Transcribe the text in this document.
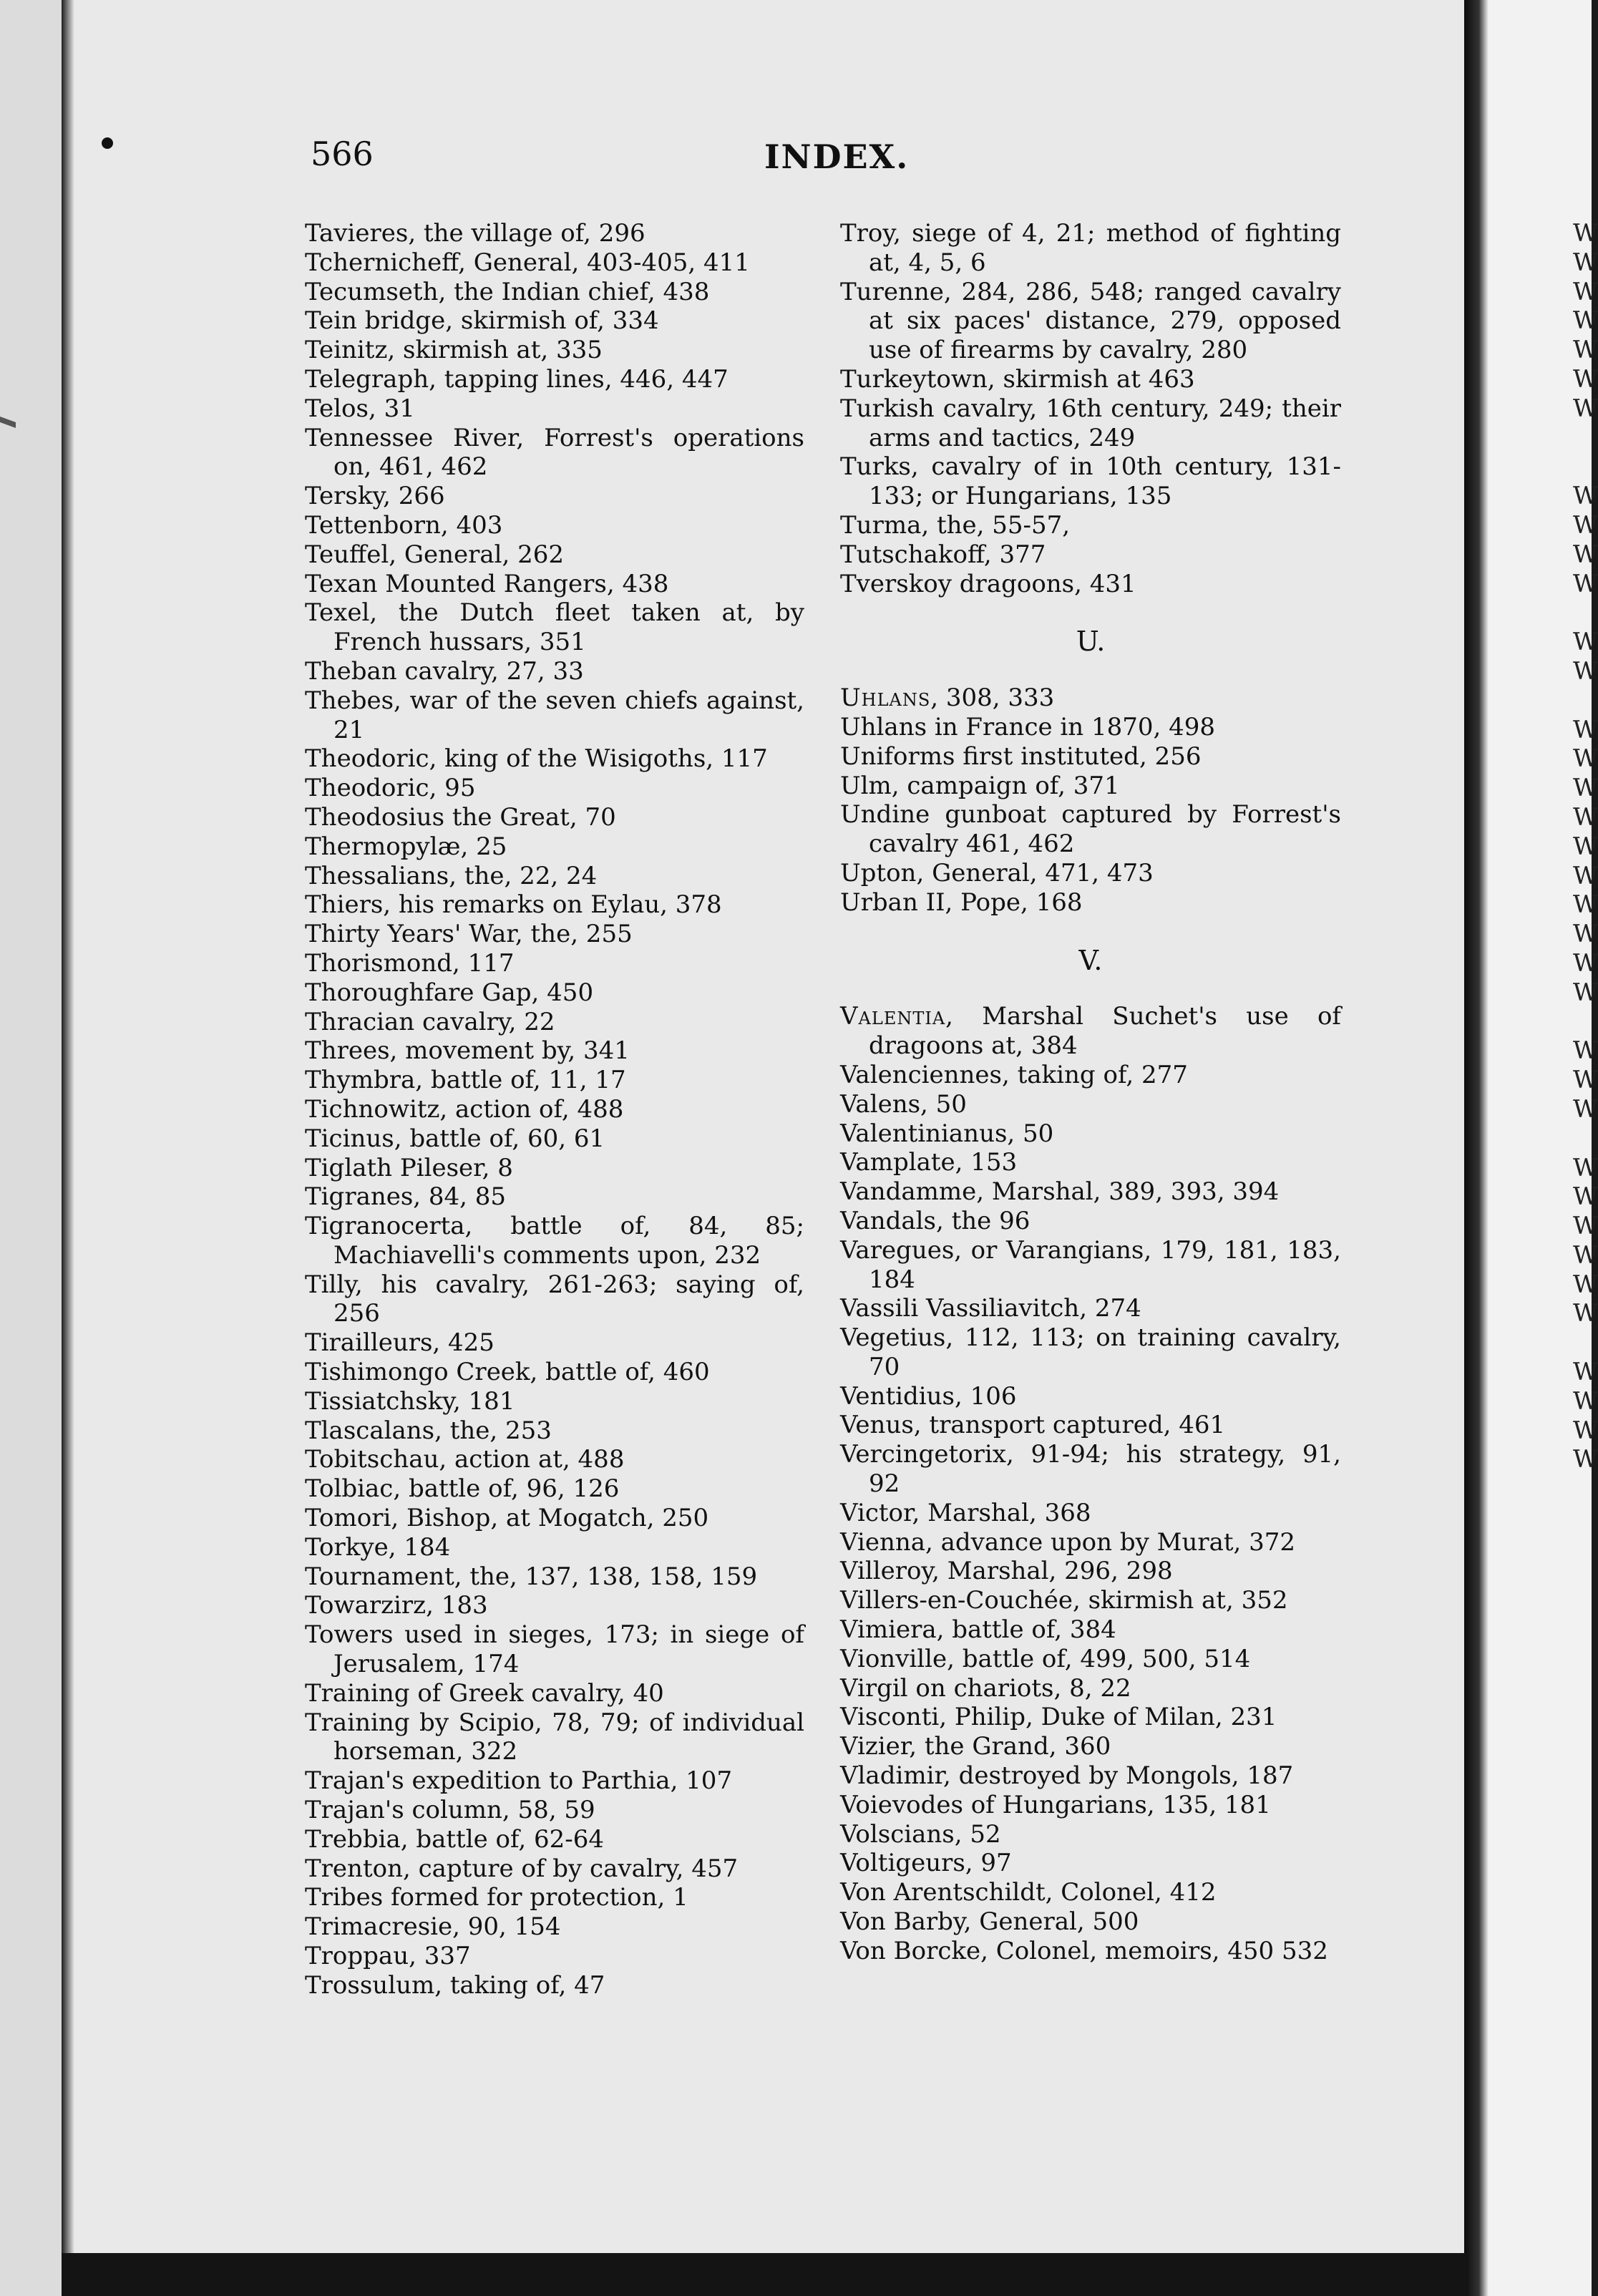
566	INDEX.
Tavieres, the village of, 296
Tchernicheff, General, 403-405, 411
Tecumseth, the Indian chief, 438
Tein bridge, skirmish of, 334
Teinitz, skirmish at, 335
Telegraph, tapping lines, 446, 447
Telos, 31
Tennessee River, Forrest's operations on, 461, 462
Tersky, 266
Tettenborn, 403
Teuffel, General, 262
Texan Mounted Rangers, 438
Texel, the Dutch fleet taken at, by French hussars, 351
Theban cavalry, 27, 33
Thebes, war of the seven chiefs against, 21
Theodoric, king of the Wisigoths, 117
Theodoric, 95
Theodosius the Great, 70
Thermopylæ, 25
Thessalians, the, 22, 24
Thiers, his remarks on Eylau, 378
Thirty Years' War, the, 255
Thorismond, 117
Thoroughfare Gap, 450
Thracian cavalry, 22
Threes, movement by, 341
Thymbra, battle of, 11, 17
Tichnowitz, action of, 488
Ticinus, battle of, 60, 61
Tiglath Pileser, 8
Tigranes, 84, 85
Tigranocerta, battle of, 84, 85; Machiavelli's comments upon, 232
Tilly, his cavalry, 261-263; saying of, 256
Tirailleurs, 425
Tishimongo Creek, battle of, 460
Tissiatchsky, 181
Tlascalans, the, 253
Tobitschau, action at, 488
Tolbiac, battle of, 96, 126
Tomori, Bishop, at Mogatch, 250
Torkye, 184
Tournament, the, 137, 138, 158, 159
Towarzirz, 183
Towers used in sieges, 173; in siege of Jerusalem, 174
Training of Greek cavalry, 40
Training by Scipio, 78, 79; of individual horseman, 322
Trajan's expedition to Parthia, 107
Trajan's column, 58, 59
Trebbia, battle of, 62-64
Trenton, capture of by cavalry, 457
Tribes formed for protection, 1
Trimacresie, 90, 154
Troppau, 337
Trossulum, taking of, 47
Troy, siege of 4, 21; method of fighting at, 4, 5, 6
Turenne, 284, 286, 548; ranged cavalry at six paces' distance, 279, opposed use of firearms by cavalry, 280
Turkeytown, skirmish at 463
Turkish cavalry, 16th century, 249; their arms and tactics, 249
Turks, cavalry of in 10th century, 131-133; or Hungarians, 135
Turma, the, 55-57,
Tutschakoff, 377
Tverskoy dragoons, 431
U.
Uhlans, 308, 333
Uhlans in France in 1870, 498
Uniforms first instituted, 256
Ulm, campaign of, 371
Undine gunboat captured by Forrest's cavalry 461, 462
Upton, General, 471, 473
Urban II, Pope, 168
V.
Valentia, Marshal Suchet's use of dragoons at, 384
Valenciennes, taking of, 277
Valens, 50
Valentinianus, 50
Vamplate, 153
Vandamme, Marshal, 389, 393, 394
Vandals, the 96
Varegues, or Varangians, 179, 181, 183, 184
Vassili Vassiliavitch, 274
Vegetius, 112, 113; on training cavalry, 70
Ventidius, 106
Venus, transport captured, 461
Vercingetorix, 91-94; his strategy, 91, 92
Victor, Marshal, 368
Vienna, advance upon by Murat, 372
Villeroy, Marshal, 296, 298
Villers-en-Couchée, skirmish at, 352
Vimiera, battle of, 384
Vionville, battle of, 499, 500, 514
Virgil on chariots, 8, 22
Visconti, Philip, Duke of Milan, 231
Vizier, the Grand, 360
Vladimir, destroyed by Mongols, 187
Voievodes of Hungarians, 135, 181
Volscians, 52
Voltigeurs, 97
Von Arentschildt, Colonel, 412
Von Barby, General, 500
Von Borcke, Colonel, memoirs, 450 532
W
W
W
W
W
W
W
W
W
W
W
W
W
W
W
W
W
W
W
W
W
W
W
W
W
W
W
W
W
W
W
W
W
W
W
W
